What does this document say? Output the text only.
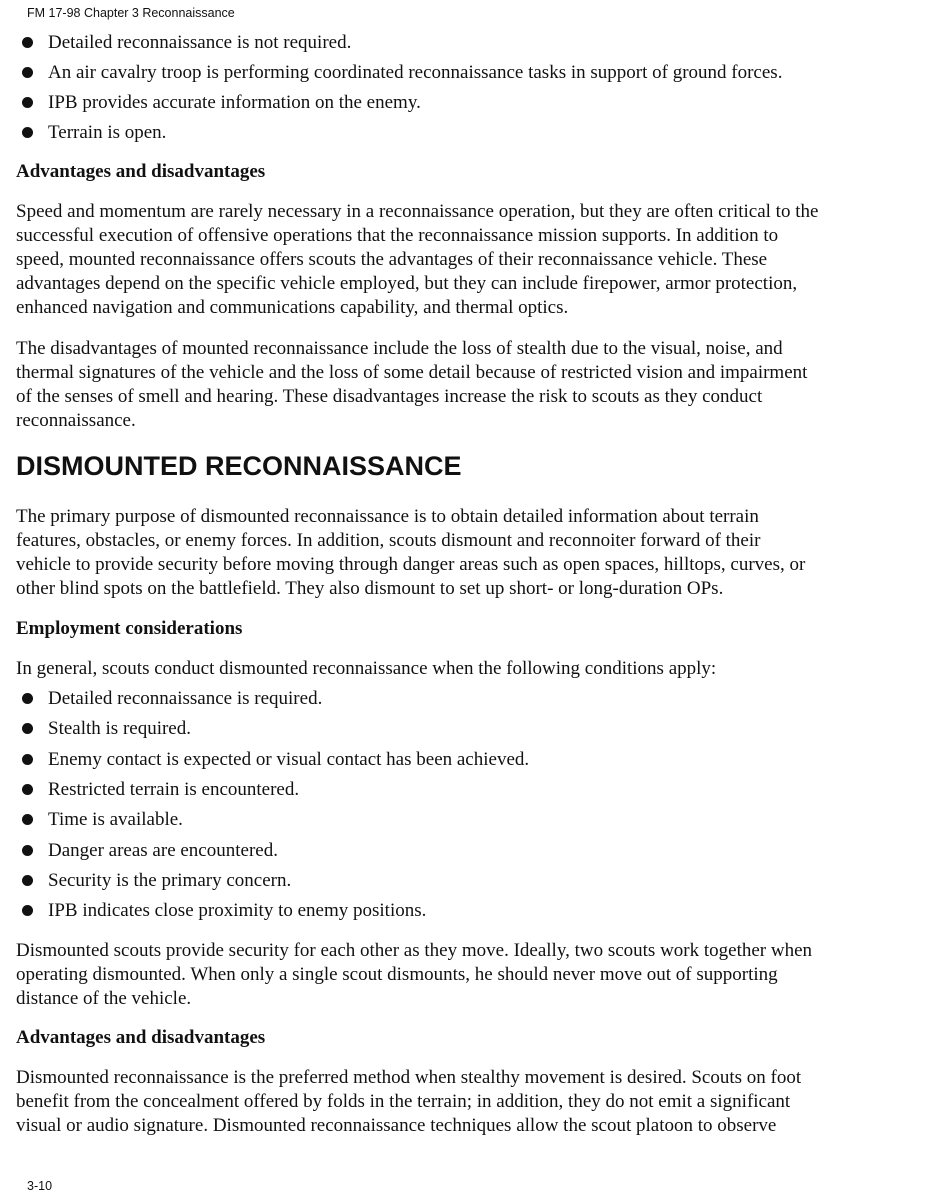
FM 17-98 Chapter 3 Reconnaissance
Detailed reconnaissance is not required.
An air cavalry troop is performing coordinated reconnaissance tasks in support of ground forces.
IPB provides accurate information on the enemy.
Terrain is open.
Advantages and disadvantages
Speed and momentum are rarely necessary in a reconnaissance operation, but they are often critical to the
successful execution of offensive operations that the reconnaissance mission supports. In addition to
speed, mounted reconnaissance offers scouts the advantages of their reconnaissance vehicle. These
advantages depend on the specific vehicle employed, but they can include firepower, armor protection,
enhanced navigation and communications capability, and thermal optics.
The disadvantages of mounted reconnaissance include the loss of stealth due to the visual, noise, and
thermal signatures of the vehicle and the loss of some detail because of restricted vision and impairment
of the senses of smell and hearing. These disadvantages increase the risk to scouts as they conduct
reconnaissance.
DISMOUNTED RECONNAISSANCE
The primary purpose of dismounted reconnaissance is to obtain detailed information about terrain
features, obstacles, or enemy forces. In addition, scouts dismount and reconnoiter forward of their
vehicle to provide security before moving through danger areas such as open spaces, hilltops, curves, or
other blind spots on the battlefield. They also dismount to set up short- or long-duration OPs.
Employment considerations
In general, scouts conduct dismounted reconnaissance when the following conditions apply:
Detailed reconnaissance is required.
Stealth is required.
Enemy contact is expected or visual contact has been achieved.
Restricted terrain is encountered.
Time is available.
Danger areas are encountered.
Security is the primary concern.
IPB indicates close proximity to enemy positions.
Dismounted scouts provide security for each other as they move. Ideally, two scouts work together when
operating dismounted. When only a single scout dismounts, he should never move out of supporting
distance of the vehicle.
Advantages and disadvantages
Dismounted reconnaissance is the preferred method when stealthy movement is desired. Scouts on foot
benefit from the concealment offered by folds in the terrain; in addition, they do not emit a significant
visual or audio signature. Dismounted reconnaissance techniques allow the scout platoon to observe
3-10
